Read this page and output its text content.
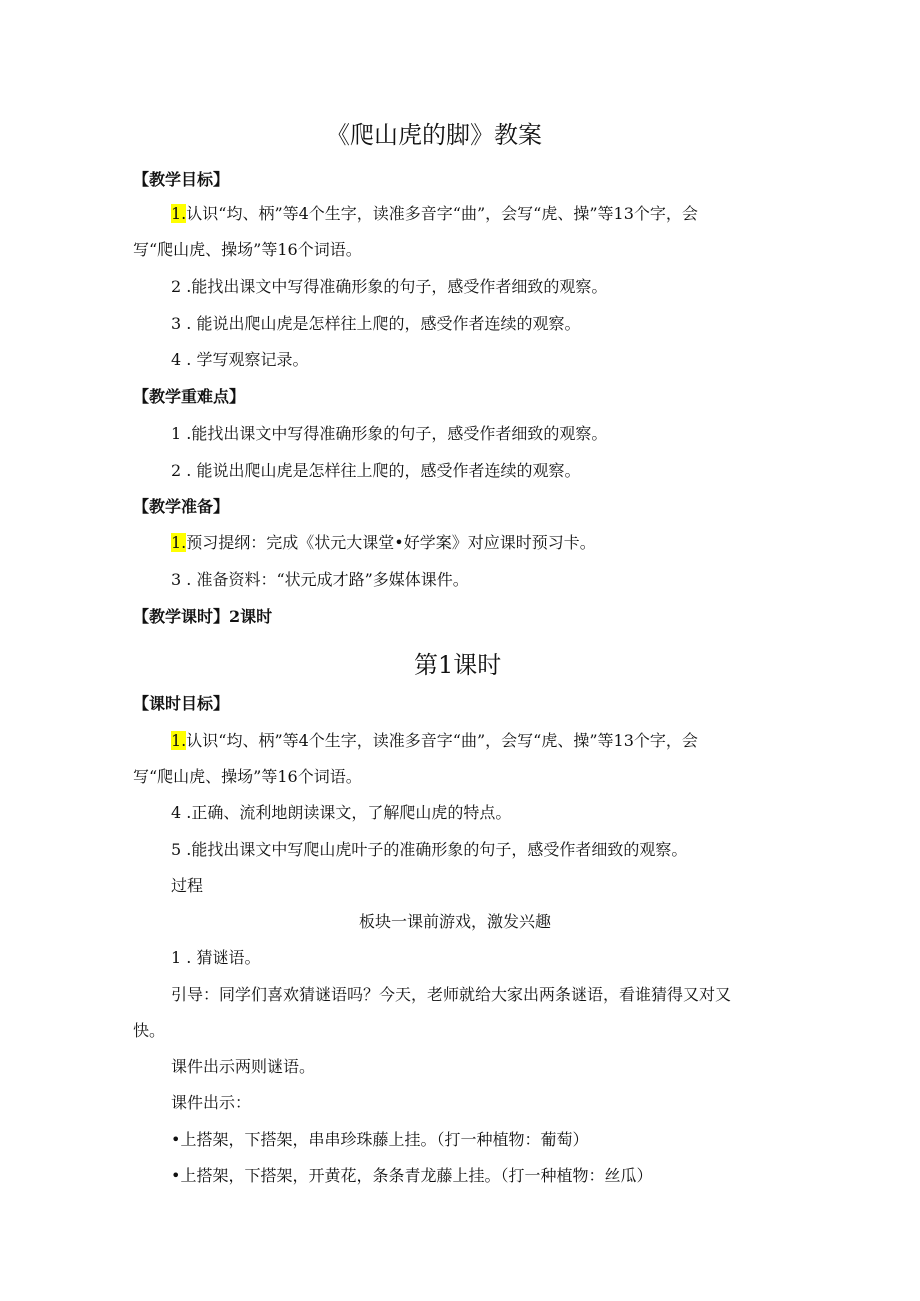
《爬山虎的脚》教案
【教学目标】
1.认识“均、柄”等4个生字，读准多音字“曲”，会写“虎、操”等13个字，会
写“爬山虎、操场”等16个词语。
2 .能找出课文中写得准确形象的句子，感受作者细致的观察。
3 . 能说出爬山虎是怎样往上爬的，感受作者连续的观察。
4 . 学写观察记录。
【教学重难点】
1 .能找出课文中写得准确形象的句子，感受作者细致的观察。
2 . 能说出爬山虎是怎样往上爬的，感受作者连续的观察。
【教学准备】
1.预习提纲：完成《状元大课堂•好学案》对应课时预习卡。
3 . 准备资料：“状元成才路”多媒体课件。
【教学课时】2课时
第1课时
【课时目标】
1.认识“均、柄”等4个生字，读准多音字“曲”，会写“虎、操”等13个字，会
写“爬山虎、操场”等16个词语。
4 .正确、流利地朗读课文，了解爬山虎的特点。
5 .能找出课文中写爬山虎叶子的准确形象的句子，感受作者细致的观察。
过程
板块一课前游戏，激发兴趣
1 . 猜谜语。
引导：同学们喜欢猜谜语吗？今天，老师就给大家出两条谜语，看谁猜得又对又
快。
课件出示两则谜语。
课件出示：
•上搭架，下搭架，串串珍珠藤上挂。（打一种植物：葡萄）
•上搭架，下搭架，开黄花，条条青龙藤上挂。（打一种植物：丝瓜）
